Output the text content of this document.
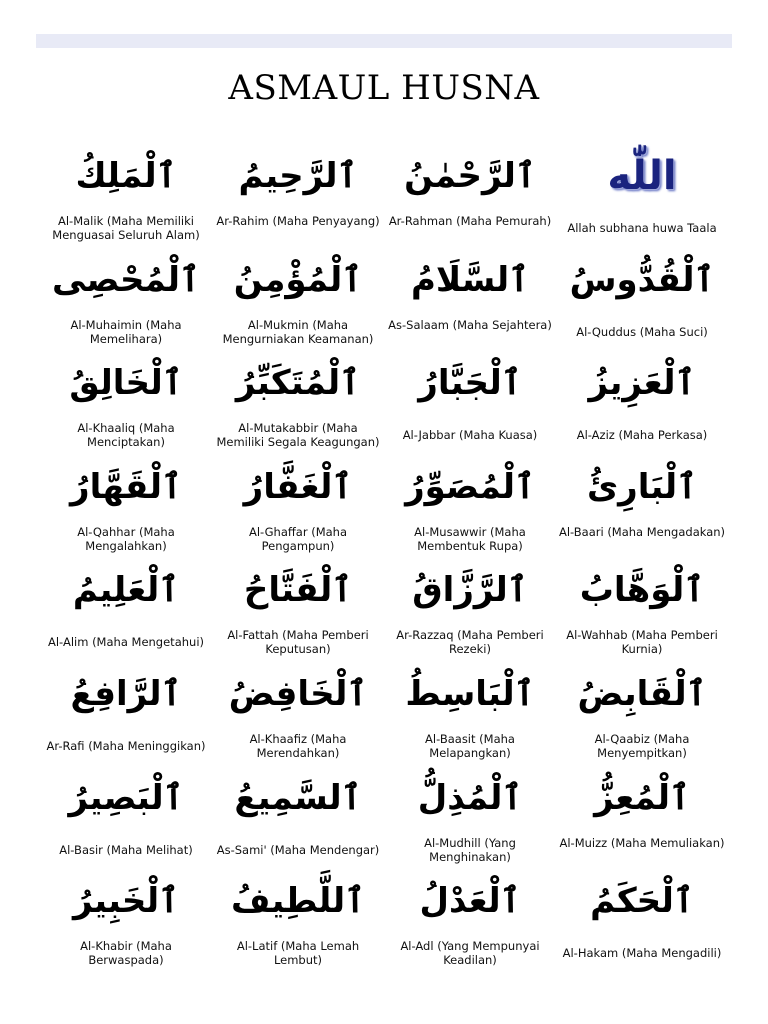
ASMAUL HUSNA
ٱلْمَلِكُ
Al-Malik (Maha Memiliki Menguasai Seluruh Alam)
ٱلرَّحِيمُ
Ar-Rahim (Maha Penyayang)
ٱلرَّحْمٰنُ
Ar-Rahman (Maha Pemurah)
اللّٰه
Allah subhana huwa Taala
ٱلْمُحْصِى
Al-Muhaimin (Maha Memelihara)
ٱلْمُؤْمِنُ
Al-Mukmin (Maha Mengurniakan Keamanan)
ٱلسَّلَامُ
As-Salaam (Maha Sejahtera)
ٱلْقُدُّوسُ
Al-Quddus (Maha Suci)
ٱلْخَالِقُ
Al-Khaaliq (Maha Menciptakan)
ٱلْمُتَكَبِّرُ
Al-Mutakabbir (Maha Memiliki Segala Keagungan)
ٱلْجَبَّارُ
Al-Jabbar (Maha Kuasa)
ٱلْعَزِيزُ
Al-Aziz (Maha Perkasa)
ٱلْقَهَّارُ
Al-Qahhar (Maha Mengalahkan)
ٱلْغَفَّارُ
Al-Ghaffar (Maha Pengampun)
ٱلْمُصَوِّرُ
Al-Musawwir (Maha Membentuk Rupa)
ٱلْبَارِئُ
Al-Baari (Maha Mengadakan)
ٱلْعَلِيمُ
Al-Alim (Maha Mengetahui)
ٱلْفَتَّاحُ
Al-Fattah (Maha Pemberi Keputusan)
ٱلرَّزَّاقُ
Ar-Razzaq (Maha Pemberi Rezeki)
ٱلْوَهَّابُ
Al-Wahhab (Maha Pemberi Kurnia)
ٱلرَّافِعُ
Ar-Rafi (Maha Meninggikan)
ٱلْخَافِضُ
Al-Khaafiz (Maha Merendahkan)
ٱلْبَاسِطُ
Al-Baasit (Maha Melapangkan)
ٱلْقَابِضُ
Al-Qaabiz (Maha Menyempitkan)
ٱلْبَصِيرُ
Al-Basir (Maha Melihat)
ٱلسَّمِيعُ
As-Sami' (Maha Mendengar)
ٱلْمُذِلُّ
Al-Mudhill (Yang Menghinakan)
ٱلْمُعِزُّ
Al-Muizz (Maha Memuliakan)
ٱلْخَبِيرُ
Al-Khabir (Maha Berwaspada)
ٱللَّطِيفُ
Al-Latif (Maha Lemah Lembut)
ٱلْعَدْلُ
Al-Adl (Yang Mempunyai Keadilan)
ٱلْحَكَمُ
Al-Hakam (Maha Mengadili)
